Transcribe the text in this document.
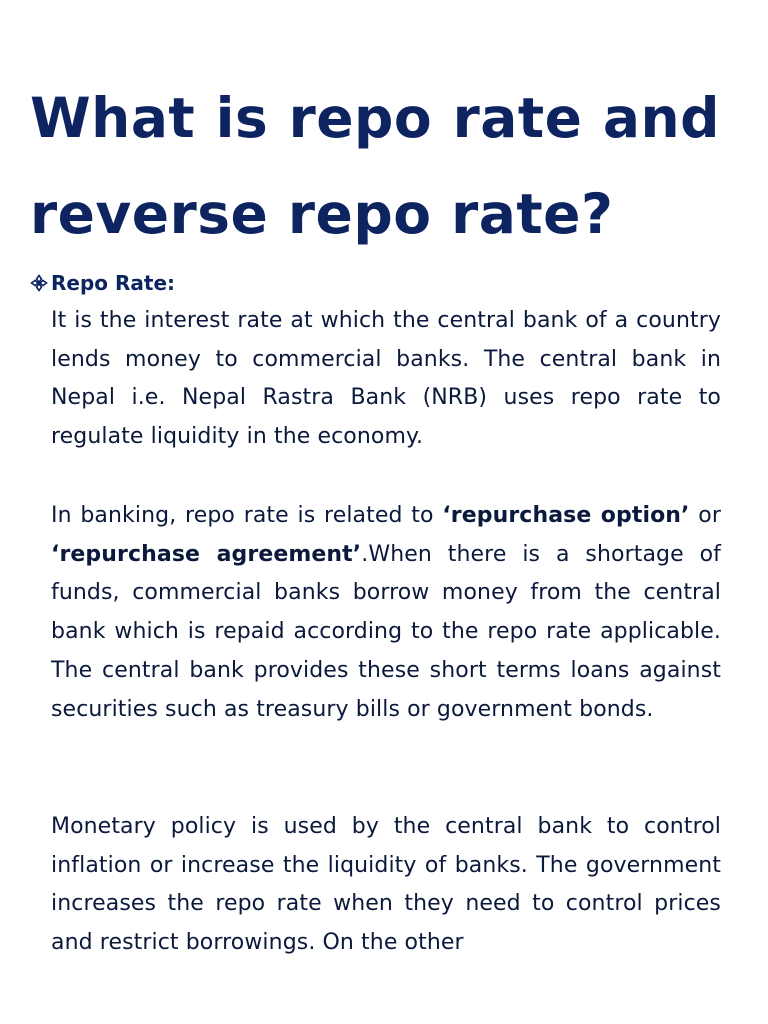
What is repo rate and
reverse repo rate?
Repo Rate:

It is the interest rate at which the central bank of a country lends money to commercial banks. The central bank in Nepal i.e. Nepal Rastra Bank (NRB) uses repo rate to regulate liquidity in the economy.

In banking, repo rate is related to ‘repurchase option’ or ‘repurchase agreement’.When there is a shortage of funds, commercial banks borrow money from the central bank which is repaid according to the repo rate applicable. The central bank provides these short terms loans against securities such as treasury bills or government bonds.

Monetary policy is used by the central bank to control inflation or increase the liquidity of banks. The government increases the repo rate when they need to control prices and restrict borrowings. On the other
